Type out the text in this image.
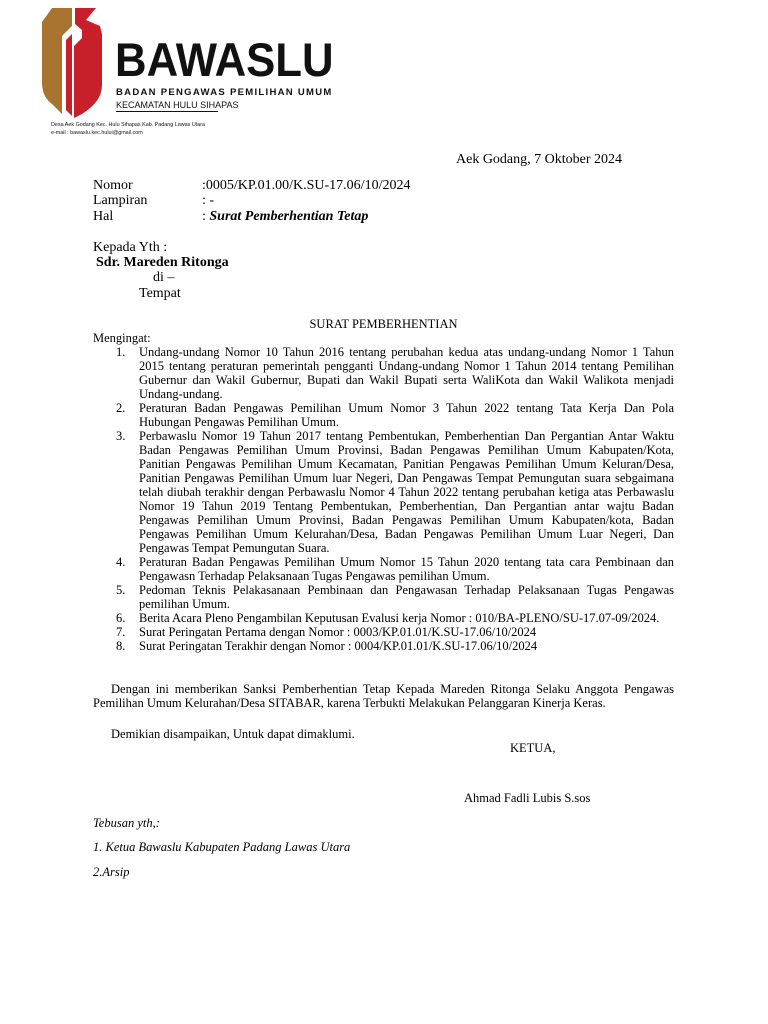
BAWASLU
BADAN PENGAWAS PEMILIHAN UMUM
KECAMATAN HULU SIHAPAS
Desa Aek Godang Kec. Hulu Sihapas Kab. Padang Lawas Utara
e-mail : bawaslu.kec.hului@gmail.com
Aek Godang, 7 Oktober 2024
Nomor	:0005/KP.01.00/K.SU-17.06/10/2024
Lampiran	: -
Hal	: Surat Pemberhentian Tetap
Kepada Yth :
Sdr. Mareden Ritonga
di –
Tempat
SURAT PEMBERHENTIAN
Mengingat:
1. Undang-undang Nomor 10 Tahun 2016 tentang perubahan kedua atas undang-undang Nomor 1 Tahun 2015 tentang peraturan pemerintah pengganti Undang-undang Nomor 1 Tahun 2014 tentang Pemilihan Gubernur dan Wakil Gubernur, Bupati dan Wakil Bupati serta WaliKota dan Wakil Walikota menjadi Undang-undang.
2. Peraturan Badan Pengawas Pemilihan Umum Nomor 3 Tahun 2022 tentang Tata Kerja Dan Pola Hubungan Pengawas Pemilihan Umum.
3. Perbawaslu Nomor 19 Tahun 2017 tentang Pembentukan, Pemberhentian Dan Pergantian Antar Waktu Badan Pengawas Pemilihan Umum Provinsi, Badan Pengawas Pemilihan Umum Kabupaten/Kota, Panitian Pengawas Pemilihan Umum Kecamatan, Panitian Pengawas Pemilihan Umum Keluran/Desa, Panitian Pengawas Pemilihan Umum luar Negeri, Dan Pengawas Tempat Pemungutan suara sebgaimana telah diubah terakhir dengan Perbawaslu Nomor 4 Tahun 2022 tentang perubahan ketiga atas Perbawaslu Nomor 19 Tahun 2019 Tentang Pembentukan, Pemberhentian, Dan Pergantian antar wajtu Badan Pengawas Pemilihan Umum Provinsi, Badan Pengawas Pemilihan Umum Kabupaten/kota, Badan Pengawas Pemilihan Umum Kelurahan/Desa, Badan Pengawas Pemilihan Umum Luar Negeri, Dan Pengawas Tempat Pemungutan Suara.
4. Peraturan Badan Pengawas Pemilihan Umum Nomor 15 Tahun 2020 tentang tata cara Pembinaan dan Pengawasn Terhadap Pelaksanaan Tugas Pengawas pemilihan Umum.
5. Pedoman Teknis Pelakasanaan Pembinaan dan Pengawasan Terhadap Pelaksanaan Tugas Pengawas pemilihan Umum.
6. Berita Acara Pleno Pengambilan Keputusan Evalusi kerja Nomor : 010/BA-PLENO/SU-17.07-09/2024.
7. Surat Peringatan Pertama dengan Nomor : 0003/KP.01.01/K.SU-17.06/10/2024
8. Surat Peringatan Terakhir dengan Nomor : 0004/KP.01.01/K.SU-17.06/10/2024
Dengan ini memberikan Sanksi Pemberhentian Tetap Kepada Mareden Ritonga Selaku Anggota Pengawas Pemilihan Umum Kelurahan/Desa SITABAR, karena Terbukti Melakukan Pelanggaran Kinerja Keras.
Demikian disampaikan, Untuk dapat dimaklumi.
KETUA,
Ahmad Fadli Lubis S.sos
Tebusan yth,:
1. Ketua Bawaslu Kabupaten Padang Lawas Utara
2.Arsip
